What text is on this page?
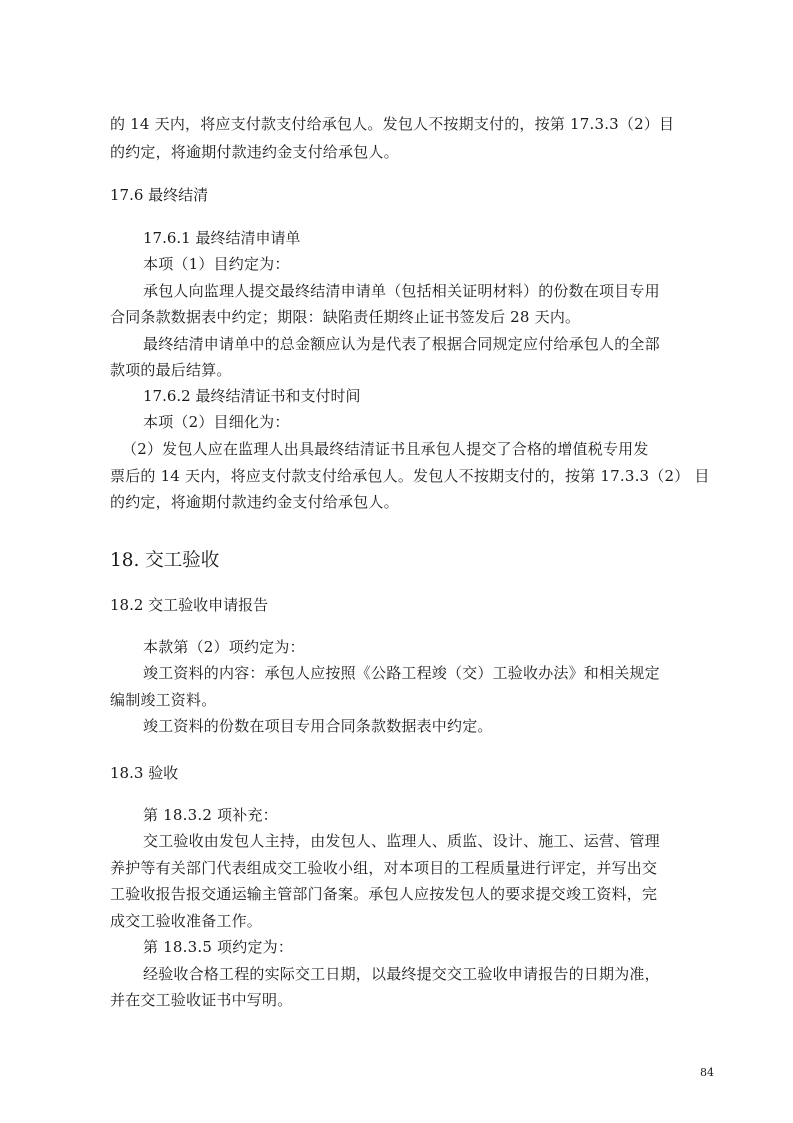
的 14 天内，将应支付款支付给承包人。发包人不按期支付的，按第 17.3.3（2）目
的约定，将逾期付款违约金支付给承包人。
17.6 最终结清
17.6.1 最终结清申请单
本项（1）目约定为：
承包人向监理人提交最终结清申请单（包括相关证明材料）的份数在项目专用
合同条款数据表中约定；期限：缺陷责任期终止证书签发后 28 天内。
最终结清申请单中的总金额应认为是代表了根据合同规定应付给承包人的全部
款项的最后结算。
17.6.2 最终结清证书和支付时间
本项（2）目细化为：
（2）发包人应在监理人出具最终结清证书且承包人提交了合格的增值税专用发
票后的 14 天内，将应支付款支付给承包人。发包人不按期支付的，按第 17.3.3（2） 目
的约定，将逾期付款违约金支付给承包人。
18. 交工验收
18.2 交工验收申请报告
本款第（2）项约定为：
竣工资料的内容：承包人应按照《公路工程竣（交）工验收办法》和相关规定
编制竣工资料。
竣工资料的份数在项目专用合同条款数据表中约定。
18.3 验收
第 18.3.2 项补充：
交工验收由发包人主持，由发包人、监理人、质监、设计、施工、运营、管理
养护等有关部门代表组成交工验收小组，对本项目的工程质量进行评定，并写出交
工验收报告报交通运输主管部门备案。承包人应按发包人的要求提交竣工资料，完
成交工验收准备工作。
第 18.3.5 项约定为：
经验收合格工程的实际交工日期，以最终提交交工验收申请报告的日期为准，
并在交工验收证书中写明。
84
